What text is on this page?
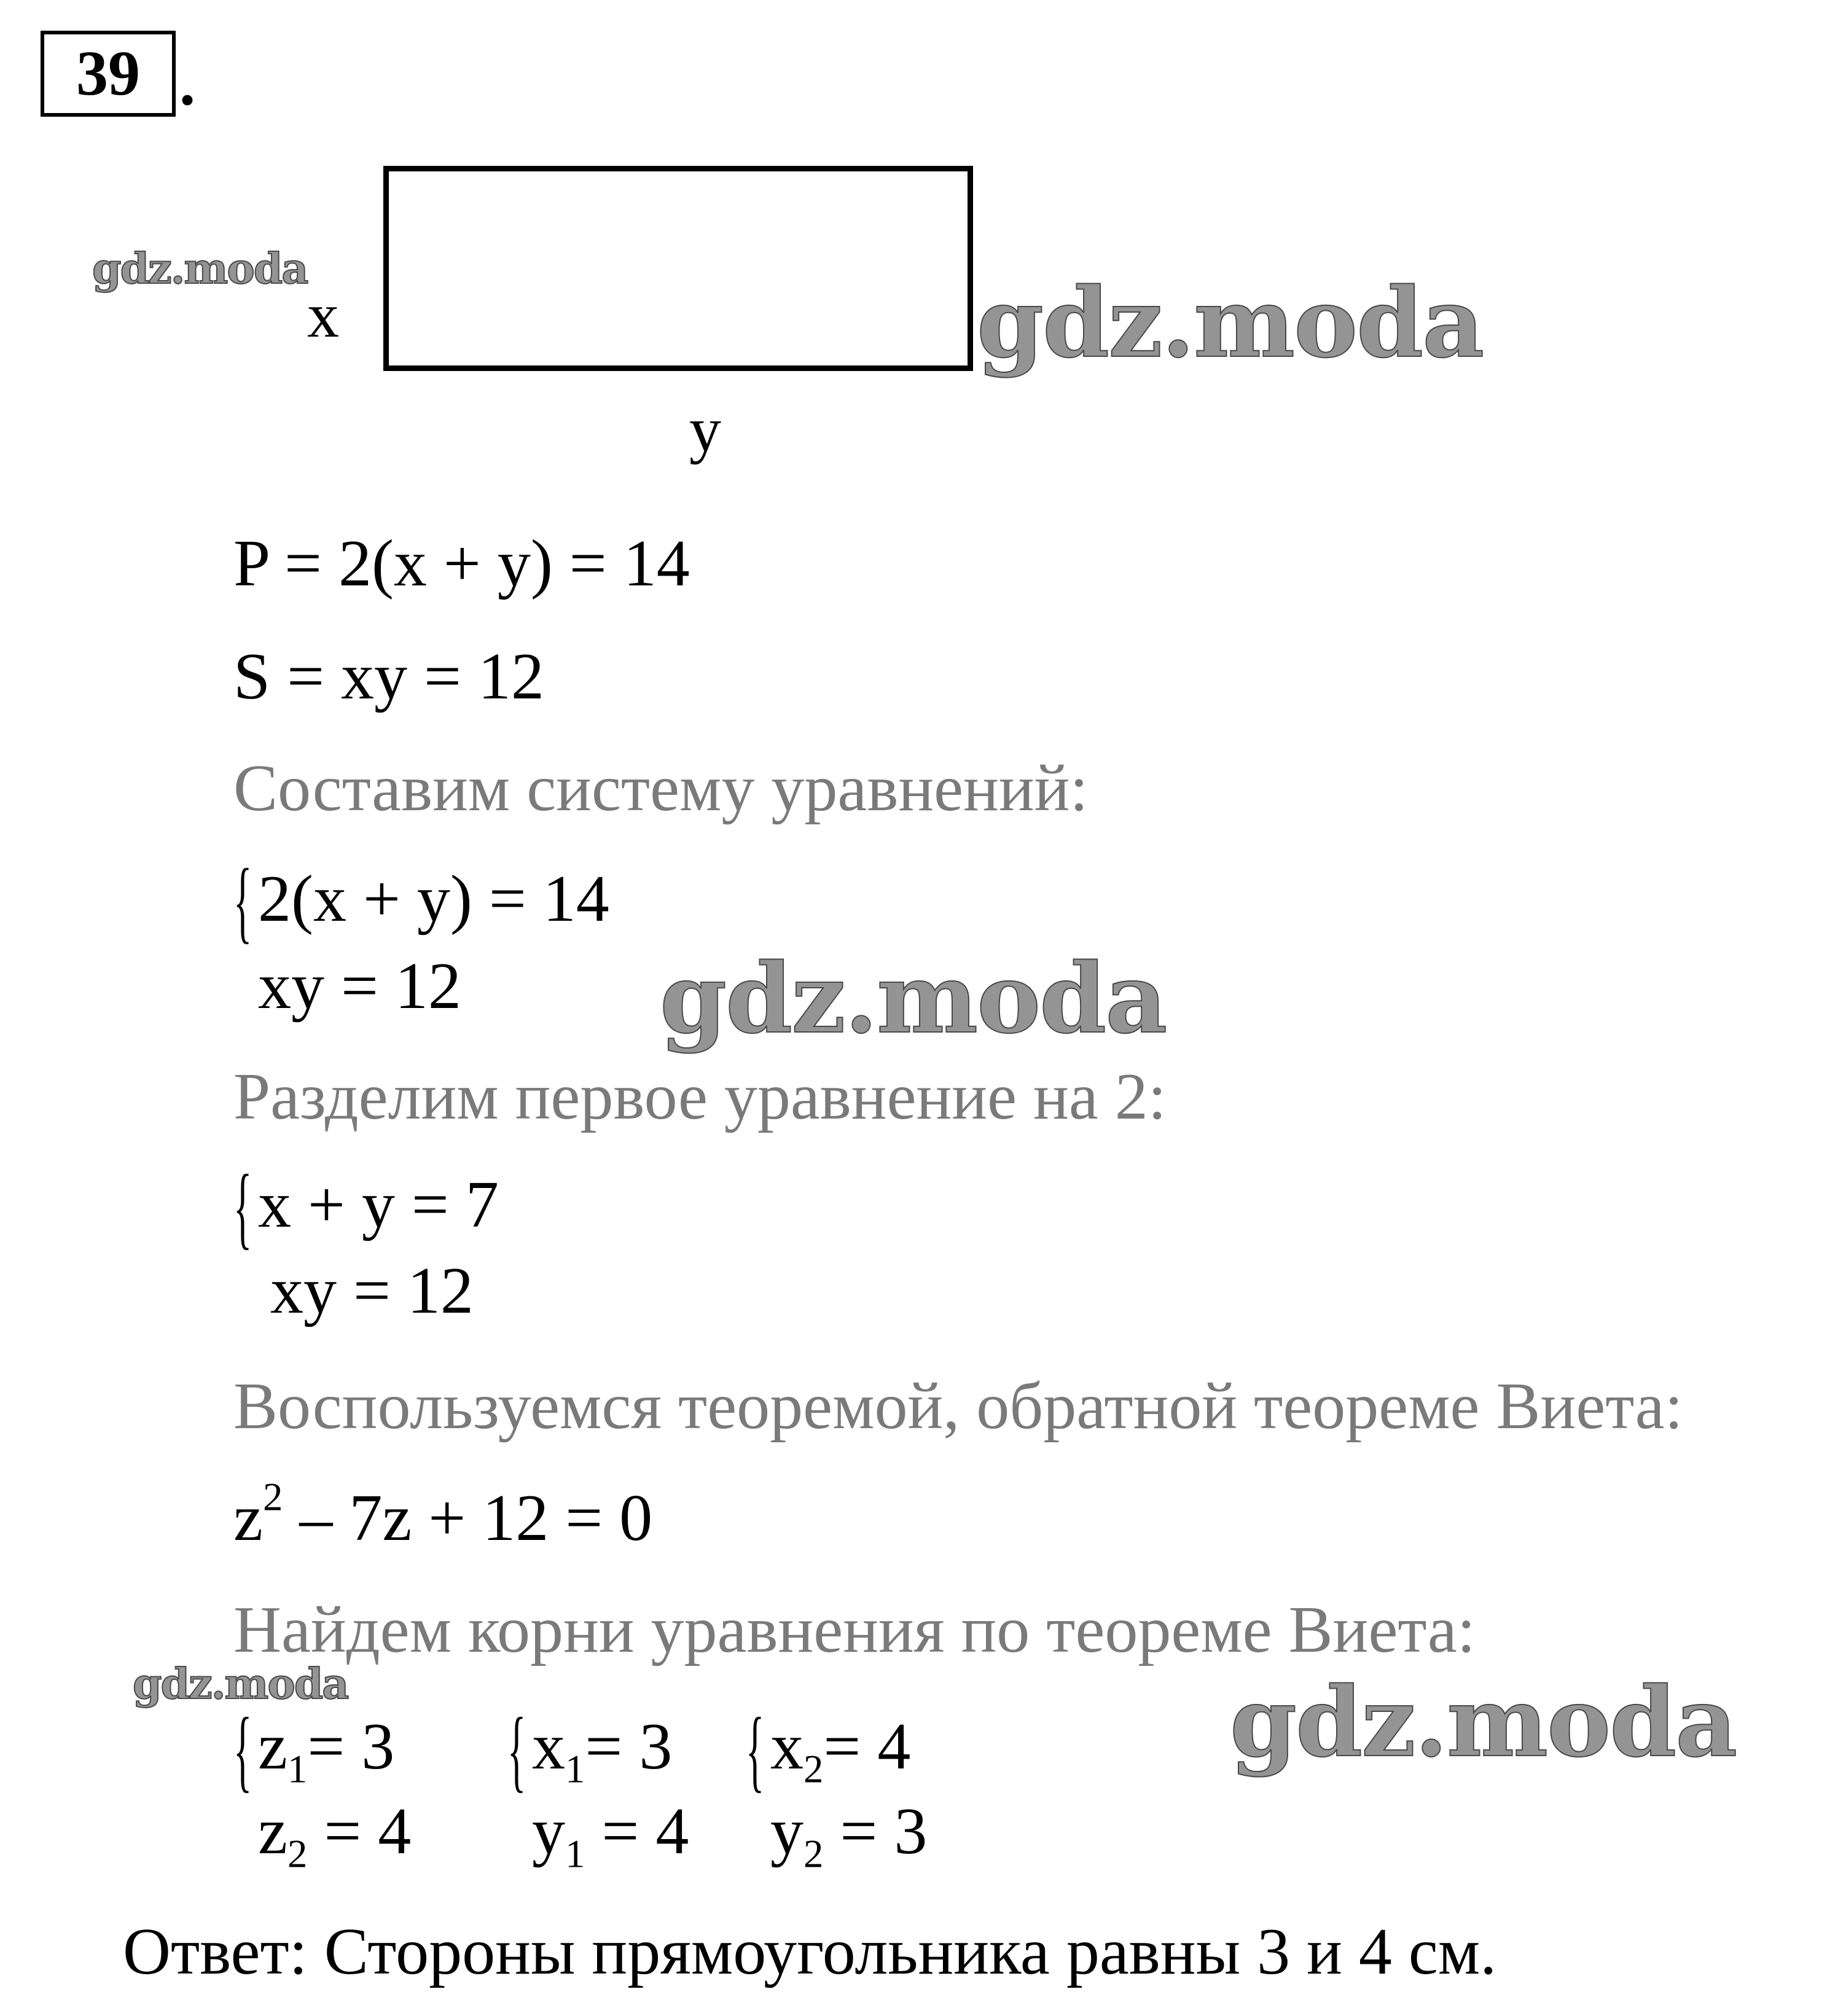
39 .
x
y
gdz.moda	gdz.moda
gdz.moda
gdz.moda	gdz.moda
P = 2(x + y) = 14
S = xy = 12
Составим систему уравнений:
{ 2(x + y) = 14
xy = 12
Разделим первое уравнение на 2:
{ x + y = 7
xy = 12
Воспользуемся теоремой, обратной теореме Виета:
$z^2 - 7z + 12 = 0$
Найдем корни уравнения по теореме Виета:
{ $z_1= 3$
$z_2 = 4$
{ $x_1= 3$
$y_1 = 4$
{ $x_2= 4$
$y_2 = 3$
Ответ: Стороны прямоугольника равны 3 и 4 см.
